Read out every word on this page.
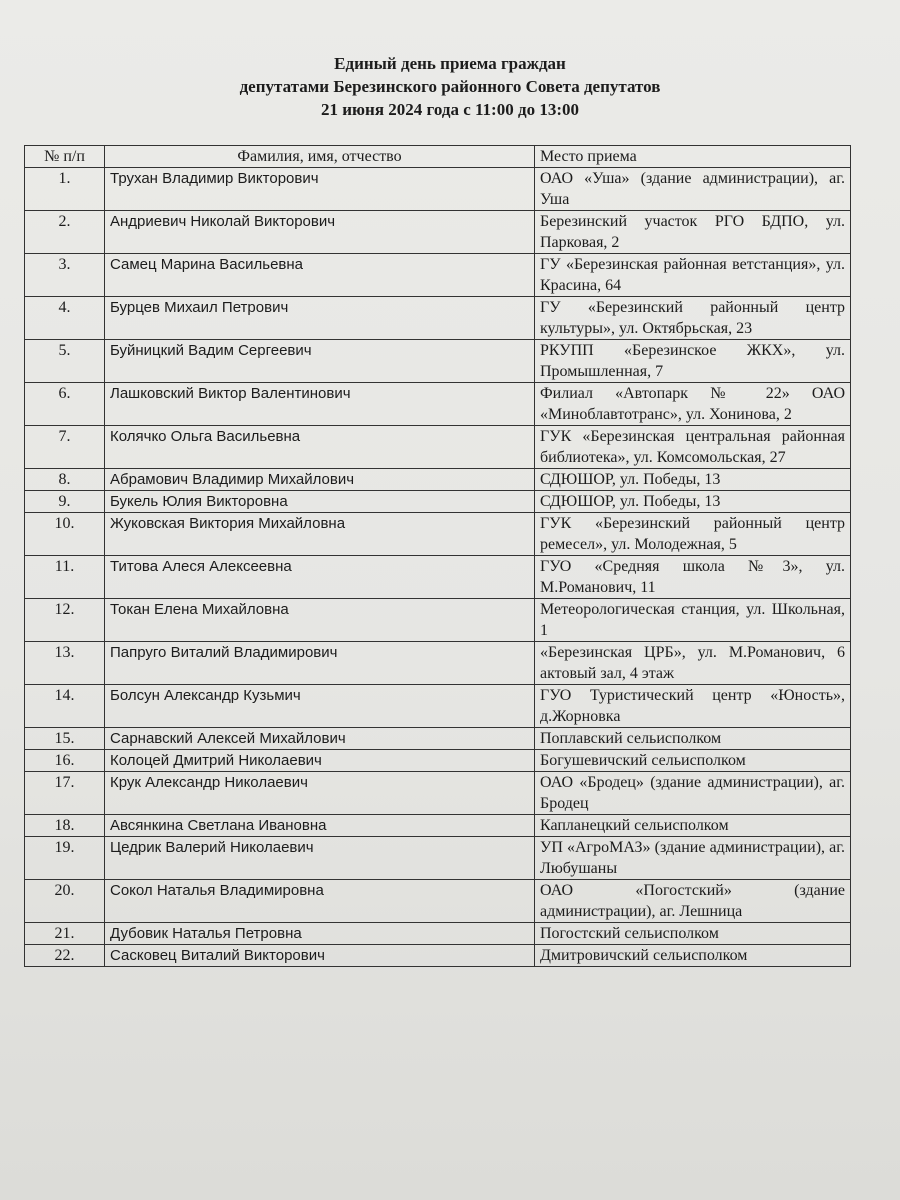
Единый день приема граждан
депутатами Березинского районного Совета депутатов
21 июня 2024 года с 11:00 до 13:00
№ п/п	Фамилия, имя, отчество	Место приема
1.	Трухан Владимир Викторович	ОАО «Уша» (здание администрации), аг. Уша
2.	Андриевич Николай Викторович	Березинский участок РГО БДПО, ул. Парковая, 2
3.	Самец Марина Васильевна	ГУ «Березинская районная ветстанция», ул. Красина, 64
4.	Бурцев Михаил Петрович	ГУ «Березинский районный центр культуры», ул. Октябрьская, 23
5.	Буйницкий Вадим Сергеевич	РКУПП «Березинское ЖКХ», ул. Промышленная, 7
6.	Лашковский Виктор Валентинович	Филиал «Автопарк № 22» ОАО «Миноблавтотранс», ул. Хонинова, 2
7.	Колячко Ольга Васильевна	ГУК «Березинская центральная районная библиотека», ул. Комсомольская, 27
8.	Абрамович Владимир Михайлович	СДЮШОР, ул. Победы, 13
9.	Букель Юлия Викторовна	СДЮШОР, ул. Победы, 13
10.	Жуковская Виктория Михайловна	ГУК «Березинский районный центр ремесел», ул. Молодежная, 5
11.	Титова Алеся Алексеевна	ГУО «Средняя школа №3», ул. М.Романович, 11
12.	Токан Елена Михайловна	Метеорологическая станция, ул. Школьная, 1
13.	Папруго Виталий Владимирович	«Березинская ЦРБ», ул. М.Романович, 6 актовый зал, 4 этаж
14.	Болсун Александр Кузьмич	ГУО Туристический центр «Юность», д.Жорновка
15.	Сарнавский Алексей Михайлович	Поплавский сельисполком
16.	Колоцей Дмитрий Николаевич	Богушевичский сельисполком
17.	Крук Александр Николаевич	ОАО «Бродец» (здание администрации), аг. Бродец
18.	Авсянкина Светлана Ивановна	Капланецкий сельисполком
19.	Цедрик Валерий Николаевич	УП «АгроМАЗ» (здание администрации), аг. Любушаны
20.	Сокол Наталья Владимировна	ОАО «Погостский» (здание администрации), аг. Лешница
21.	Дубовик Наталья Петровна	Погостский сельисполком
22.	Сасковец Виталий Викторович	Дмитровичский сельисполком
